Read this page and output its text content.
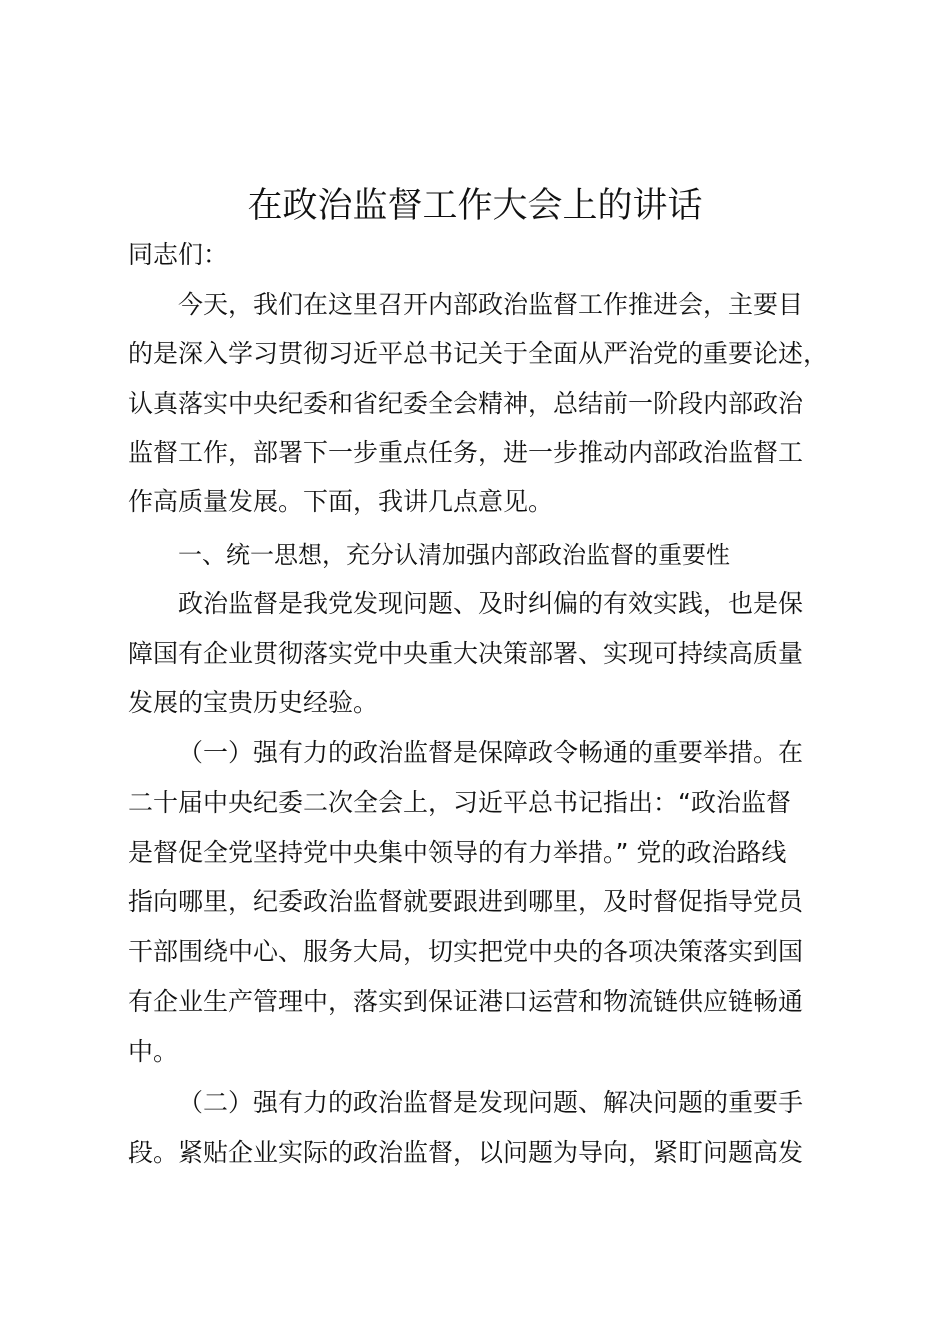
在政治监督工作大会上的讲话

同志们：

今天，我们在这里召开内部政治监督工作推进会，主要目

的是深入学习贯彻习近平总书记关于全面从严治党的重要论述，

认真落实中央纪委和省纪委全会精神，总结前一阶段内部政治

监督工作，部署下一步重点任务，进一步推动内部政治监督工

作高质量发展。下面，我讲几点意见。

一、统一思想，充分认清加强内部政治监督的重要性

政治监督是我党发现问题、及时纠偏的有效实践，也是保

障国有企业贯彻落实党中央重大决策部署、实现可持续高质量

发展的宝贵历史经验。

（一）强有力的政治监督是保障政令畅通的重要举措。在

二十届中央纪委二次全会上，习近平总书记指出：“政治监督

是督促全党坚持党中央集中领导的有力举措。” 党的政治路线

指向哪里，纪委政治监督就要跟进到哪里，及时督促指导党员

干部围绕中心、服务大局，切实把党中央的各项决策落实到国

有企业生产管理中，落实到保证港口运营和物流链供应链畅通

中。

（二）强有力的政治监督是发现问题、解决问题的重要手

段。紧贴企业实际的政治监督，以问题为导向，紧盯问题高发
